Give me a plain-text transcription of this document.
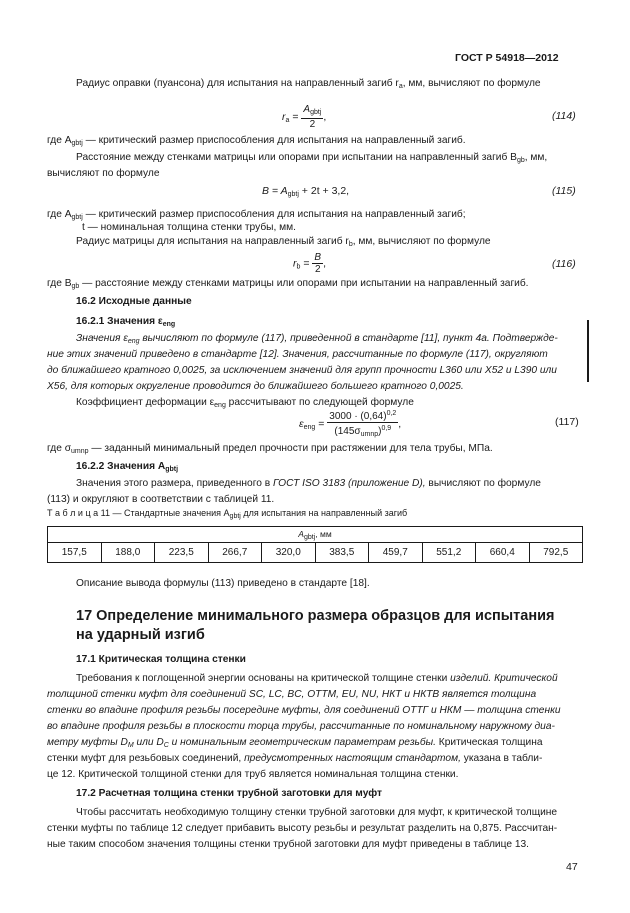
ГОСТ Р 54918—2012
Радиус оправки (пуансона) для испытания на направленный загиб $r_a$, мм, вычисляют по формуле
$r_a = \frac{A_{gbtj}}{2}$ ,	(114)
где $A_{gbtj}$ — критический размер приспособления для испытания на направленный загиб.
Расстояние между стенками матрицы или опорами при испытании на направленный загиб $B_{gb}$, мм,
вычисляют по формуле
$B = A_{gbtj} + 2t + 3,2$,	(115)
где $A_{gbtj}$ — критический размер приспособления для испытания на направленный загиб;
t — номинальная толщина стенки трубы, мм.
Радиус матрицы для испытания на направленный загиб $r_b$, мм, вычисляют по формуле
$r_b = \frac{B}{2}$ ,	(116)
где $B_{gb}$ — расстояние между стенками матрицы или опорами при испытании на направленный загиб.
16.2 Исходные данные
16.2.1 Значения $\varepsilon_{eng}$
Значения $\varepsilon_{eng}$ вычисляют по формуле (117), приведенной в стандарте [11], пункт 4а. Подтвержде-
ние этих значений приведено в стандарте [12]. Значения, рассчитанные по формуле (117), округляют
до ближайшего кратного 0,0025, за исключением значений для групп прочности L360 или X52 и L390 или
X56, для которых округление проводится до ближайшего большего кратного 0,0025.
Коэффициент деформации $\varepsilon_{eng}$ рассчитывают по следующей формуле
$\varepsilon_{eng} = \frac{3000 \cdot (0,64)^{0,2}}{(145\sigma_{umnp})^{0,9}}$ ,	(117)
где $\sigma_{umnp}$ — заданный минимальный предел прочности при растяжении для тела трубы, МПа.
16.2.2 Значения $A_{gbtj}$
Значения этого размера, приведенного в ГОСТ ISO 3183 (приложение D), вычисляют по формуле
(113) и округляют в соответствии с таблицей 11.
Т а б л и ц а 11 — Стандартные значения $A_{gbtj}$ для испытания на направленный загиб
$A_{gbtj}$, мм
157,5	188,0	223,5	266,7	320,0	383,5	459,7	551,2	660,4	792,5
Описание вывода формулы (113) приведено в стандарте [18].
17 Определение минимального размера образцов для испытания
на ударный изгиб
17.1 Критическая толщина стенки
Требования к поглощенной энергии основаны на критической толщине стенки изделий. Критической
толщиной стенки муфт для соединений SC, LC, BC, OTTM, EU, NU, НКТ и НКТВ является толщина
стенки во впадине профиля резьбы посередине муфты, для соединений ОТТГ и НКМ — толщина стенки
во впадине профиля резьбы в плоскости торца трубы, рассчитанные по номинальному наружному диа-
метру муфты $D_M$ или $D_C$ и номинальным геометрическим параметрам резьбы. Критическая толщина
стенки муфт для резьбовых соединений, предусмотренных настоящим стандартом, указана в табли-
це 12. Критической толщиной стенки для труб является номинальная толщина стенки.
17.2 Расчетная толщина стенки трубной заготовки для муфт
Чтобы рассчитать необходимую толщину стенки трубной заготовки для муфт, к критической толщине
стенки муфты по таблице 12 следует прибавить высоту резьбы и результат разделить на 0,875. Рассчитан-
ные таким способом значения толщины стенки трубной заготовки для муфт приведены в таблице 13.
47
